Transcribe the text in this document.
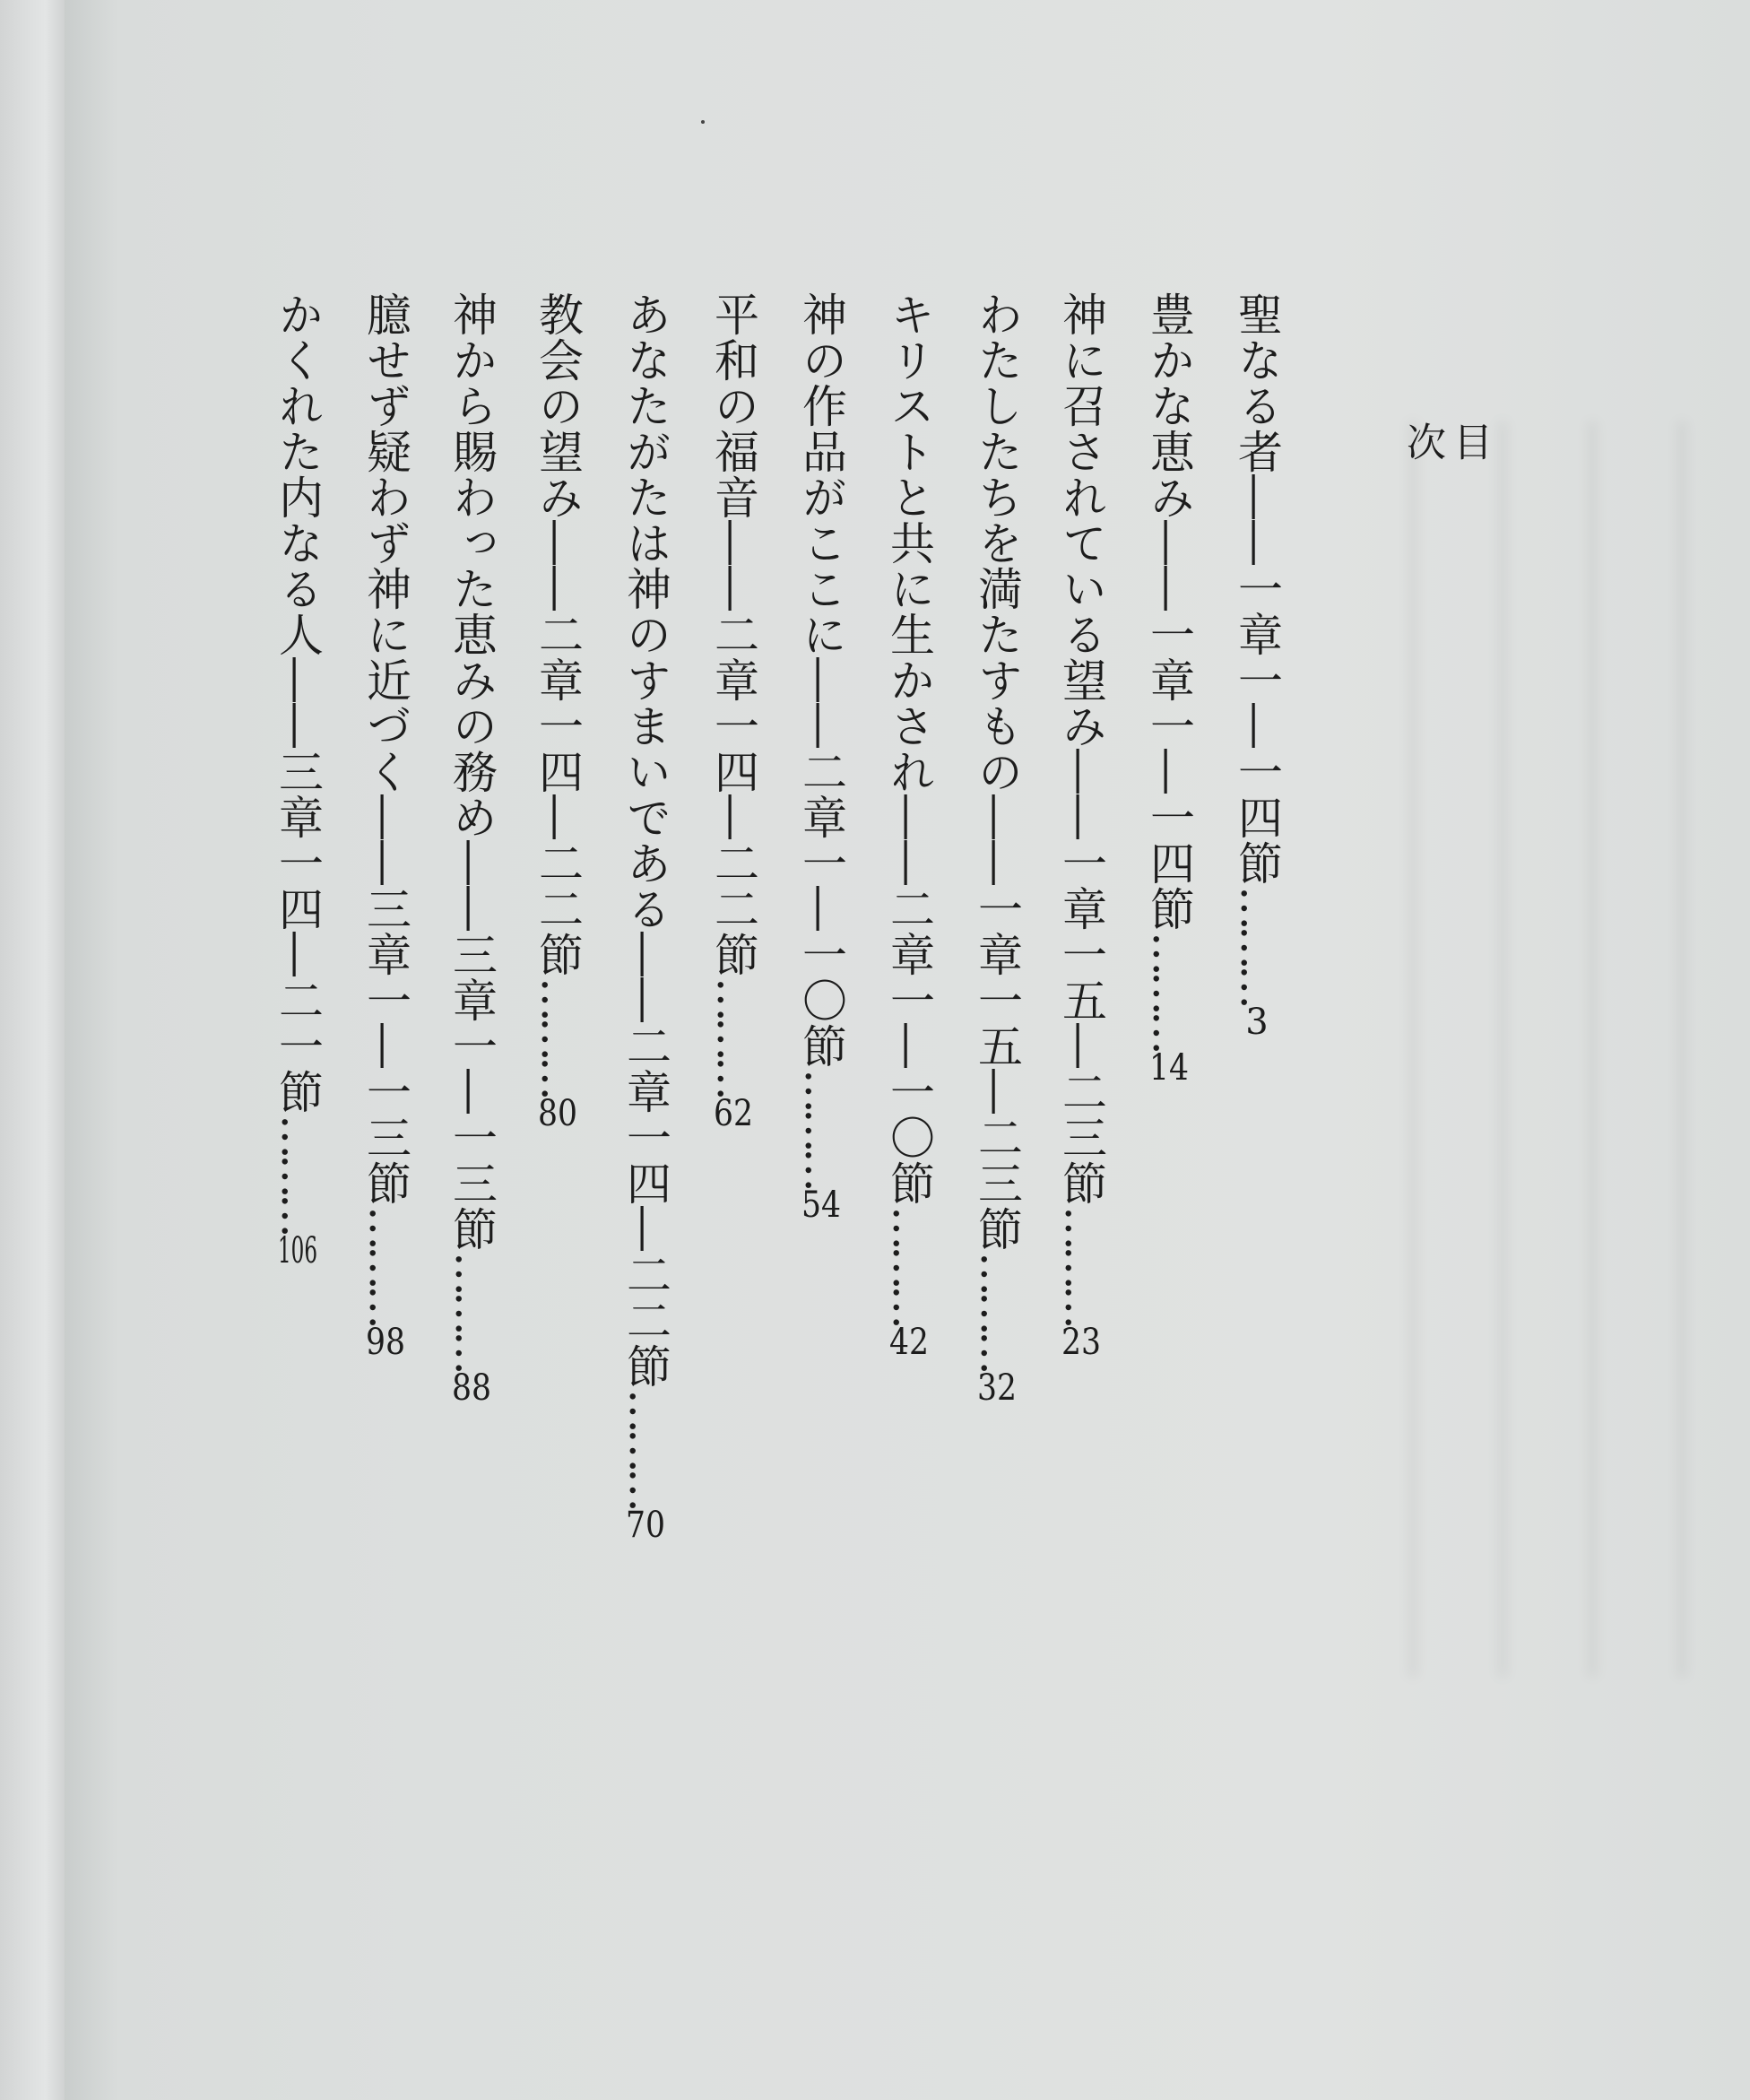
目　次
聖なる者――一章一―一四節………3
豊かな恵み――一章一―一四節………14
神に召されている望み――一章一五―二三節………23
わたしたちを満たすもの――一章一五―二三節………32
キリストと共に生かされ――二章一―一〇節………42
神の作品がここに――二章一―一〇節………54
平和の福音――二章一四―二二節………62
あなたがたは神のすまいである――二章一四―二二節………70
教会の望み――二章一四―二二節………80
神から賜わった恵みの務め――三章一―一三節………88
臆せず疑わず神に近づく――三章一―一三節………98
かくれた内なる人――三章一四―二一節………106
